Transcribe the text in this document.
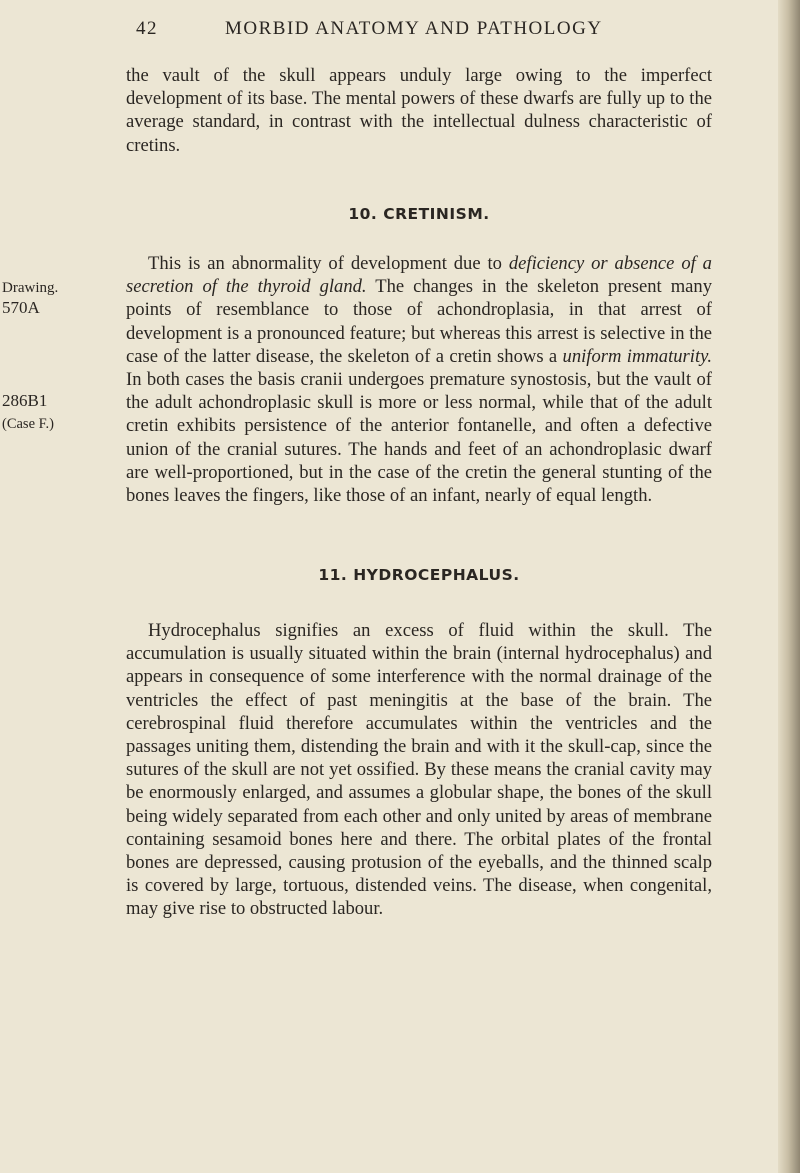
42	MORBID ANATOMY AND PATHOLOGY

the vault of the skull appears unduly large owing to the imperfect development of its base. The mental powers of these dwarfs are fully up to the average standard, in contrast with the intellectual dulness characteristic of cretins.

10. CRETINISM.

This is an abnormality of development due to deficiency or absence of a secretion of the thyroid gland. The changes in the skeleton present many points of resemblance to those of achondroplasia, in that arrest of development is a pronounced feature; but whereas this arrest is selective in the case of the latter disease, the skeleton of a cretin shows a uniform immaturity. In both cases the basis cranii undergoes premature synostosis, but the vault of the adult achondroplasic skull is more or less normal, while that of the adult cretin exhibits persistence of the anterior fontanelle, and often a defective union of the cranial sutures. The hands and feet of an achondroplasic dwarf are well-proportioned, but in the case of the cretin the general stunting of the bones leaves the fingers, like those of an infant, nearly of equal length.

Drawing.
570A
286B1
(Case F.)
11. HYDROCEPHALUS.

Hydrocephalus signifies an excess of fluid within the skull. The accumulation is usually situated within the brain (internal hydrocephalus) and appears in consequence of some interference with the normal drainage of the ventricles the effect of past meningitis at the base of the brain. The cerebrospinal fluid therefore accumulates within the ventricles and the passages uniting them, distending the brain and with it the skull-cap, since the sutures of the skull are not yet ossified. By these means the cranial cavity may be enormously enlarged, and assumes a globular shape, the bones of the skull being widely separated from each other and only united by areas of membrane containing sesamoid bones here and there. The orbital plates of the frontal bones are depressed, causing protusion of the eyeballs, and the thinned scalp is covered by large, tortuous, distended veins. The disease, when congenital, may give rise to obstructed labour.
